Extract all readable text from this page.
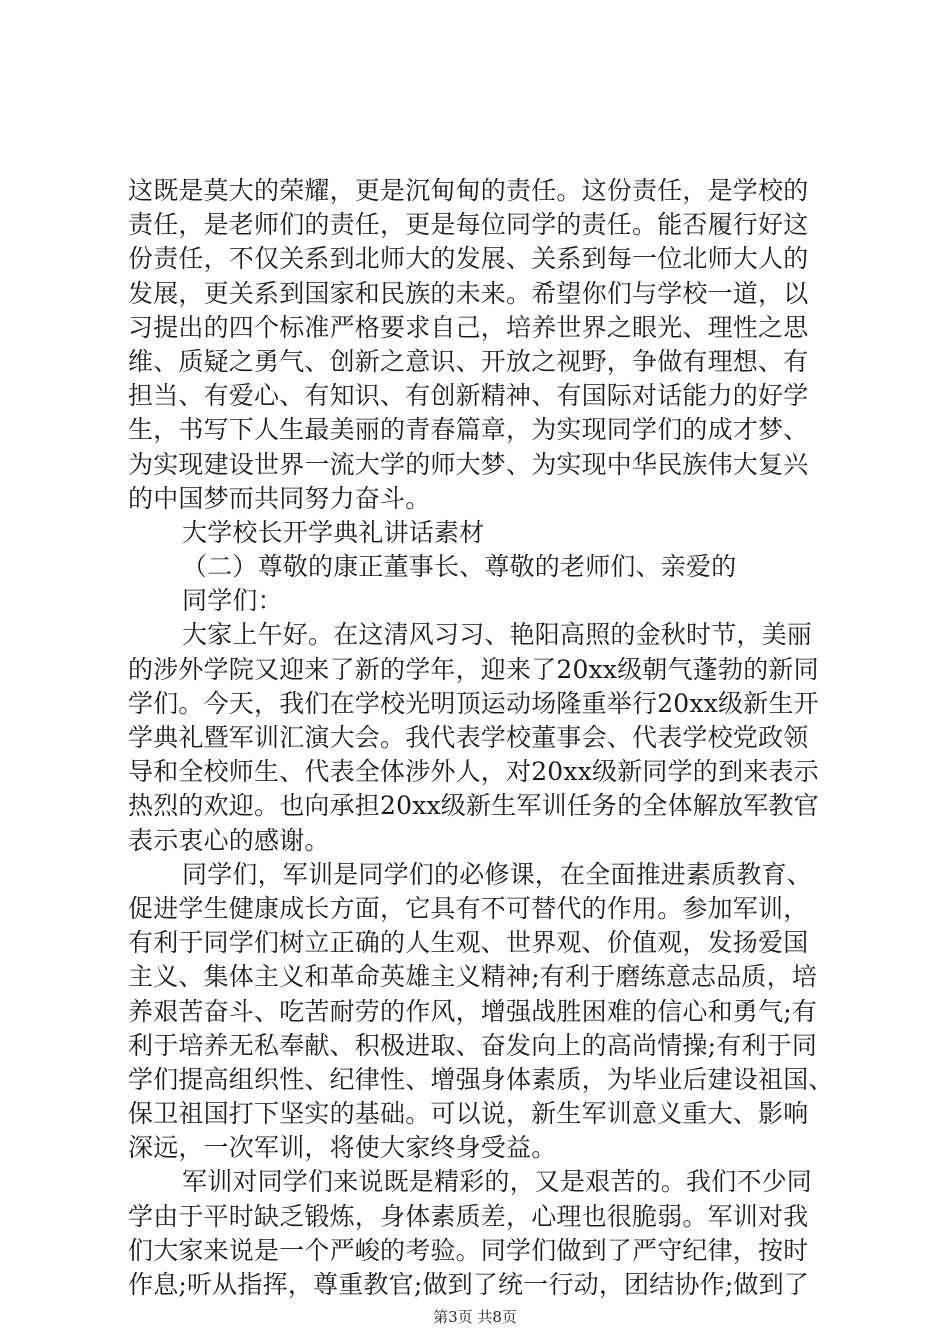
这既是莫大的荣耀，更是沉甸甸的责任。这份责任，是学校的
责任，是老师们的责任，更是每位同学的责任。能否履行好这
份责任，不仅关系到北师大的发展、关系到每一位北师大人的
发展，更关系到国家和民族的未来。希望你们与学校一道，以
习提出的四个标准严格要求自己，培养世界之眼光、理性之思
维、质疑之勇气、创新之意识、开放之视野，争做有理想、有
担当、有爱心、有知识、有创新精神、有国际对话能力的好学
生，书写下人生最美丽的青春篇章，为实现同学们的成才梦、
为实现建设世界一流大学的师大梦、为实现中华民族伟大复兴
的中国梦而共同努力奋斗。
大学校长开学典礼讲话素材
（二）尊敬的康正董事长、尊敬的老师们、亲爱的
同学们：
大家上午好。在这清风习习、艳阳高照的金秋时节，美丽
的涉外学院又迎来了新的学年，迎来了20xx级朝气蓬勃的新同
学们。今天，我们在学校光明顶运动场隆重举行20xx级新生开
学典礼暨军训汇演大会。我代表学校董事会、代表学校党政领
导和全校师生、代表全体涉外人，对20xx级新同学的到来表示
热烈的欢迎。也向承担20xx级新生军训任务的全体解放军教官
表示衷心的感谢。
同学们，军训是同学们的必修课，在全面推进素质教育、
促进学生健康成长方面，它具有不可替代的作用。参加军训，
有利于同学们树立正确的人生观、世界观、价值观，发扬爱国
主义、集体主义和革命英雄主义精神;有利于磨练意志品质，培
养艰苦奋斗、吃苦耐劳的作风，增强战胜困难的信心和勇气;有
利于培养无私奉献、积极进取、奋发向上的高尚情操;有利于同
学们提高组织性、纪律性、增强身体素质，为毕业后建设祖国、
保卫祖国打下坚实的基础。可以说，新生军训意义重大、影响
深远，一次军训，将使大家终身受益。
军训对同学们来说既是精彩的，又是艰苦的。我们不少同
学由于平时缺乏锻炼，身体素质差，心理也很脆弱。军训对我
们大家来说是一个严峻的考验。同学们做到了严守纪律，按时
作息;听从指挥，尊重教官;做到了统一行动，团结协作;做到了
第3页 共8页
